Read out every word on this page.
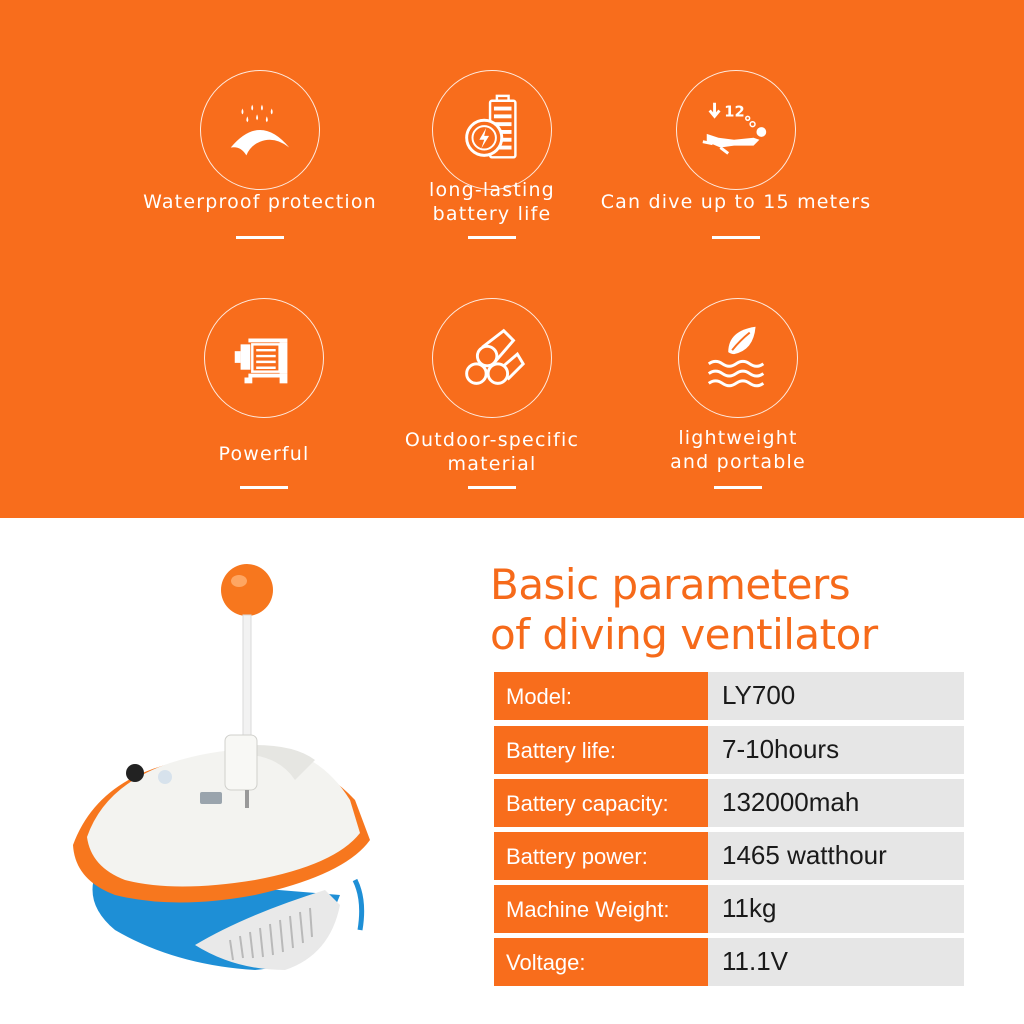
Waterproof protection
long-lasting
battery life
12
Can dive up to 15 meters
Powerful
Outdoor-specific
material
lightweight
and portable
Basic parameters
of diving ventilator
Model:	LY700
Battery life:	7-10hours
Battery capacity:	132000mah
Battery power:	1465 watthour
Machine Weight:	11kg
Voltage:	11.1V
